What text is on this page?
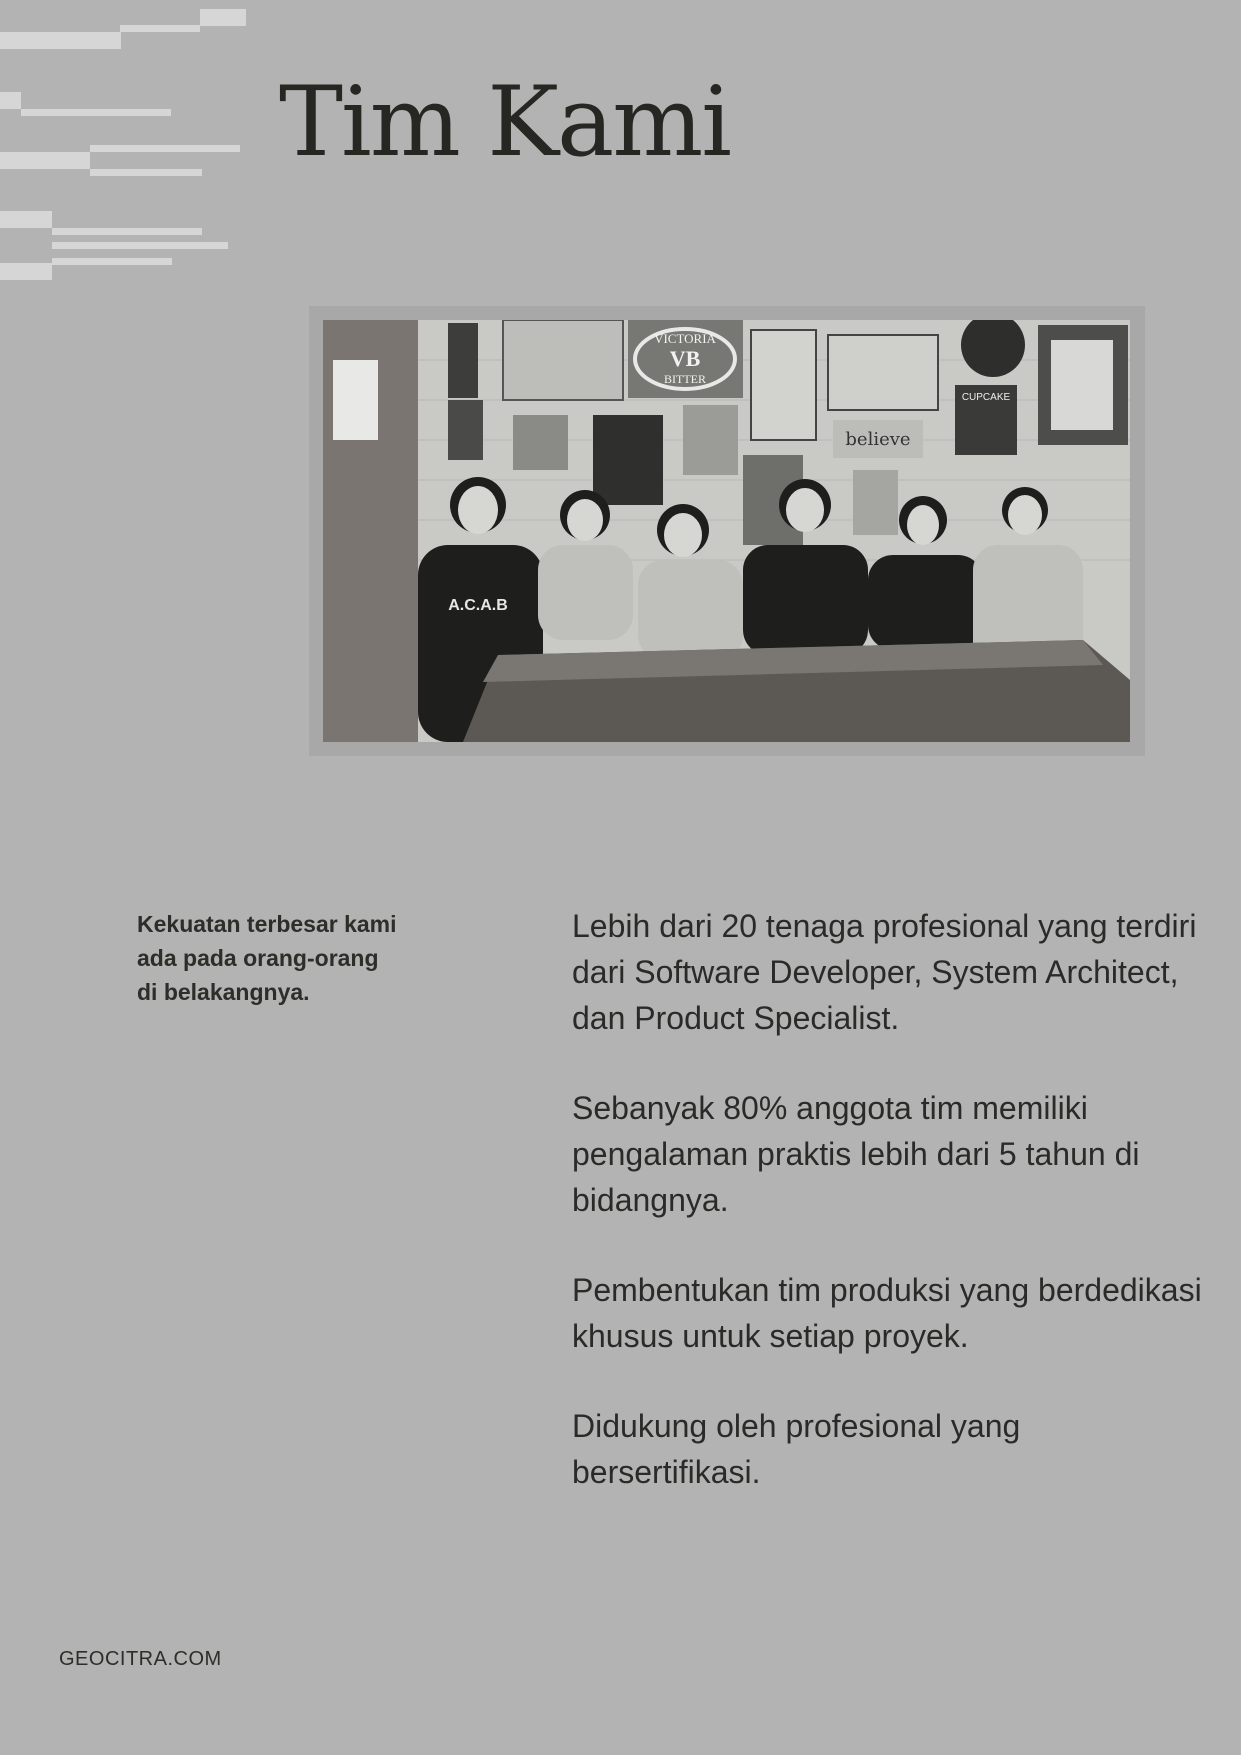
Tim Kami
VICTORIA
VB
BITTER
CUPCAKE
believe
A.C.A.B

Kekuatan terbesar kami ada pada orang-orang di belakangnya.

Lebih dari 20 tenaga profesional yang terdiri dari Software Developer, System Architect, dan Product Specialist.
Sebanyak 80% anggota tim memiliki pengalaman praktis lebih dari 5 tahun di bidangnya.
Pembentukan tim produksi yang berdedikasi khusus untuk setiap proyek.
Didukung oleh profesional yang bersertifikasi.
GEOCITRA.COM
